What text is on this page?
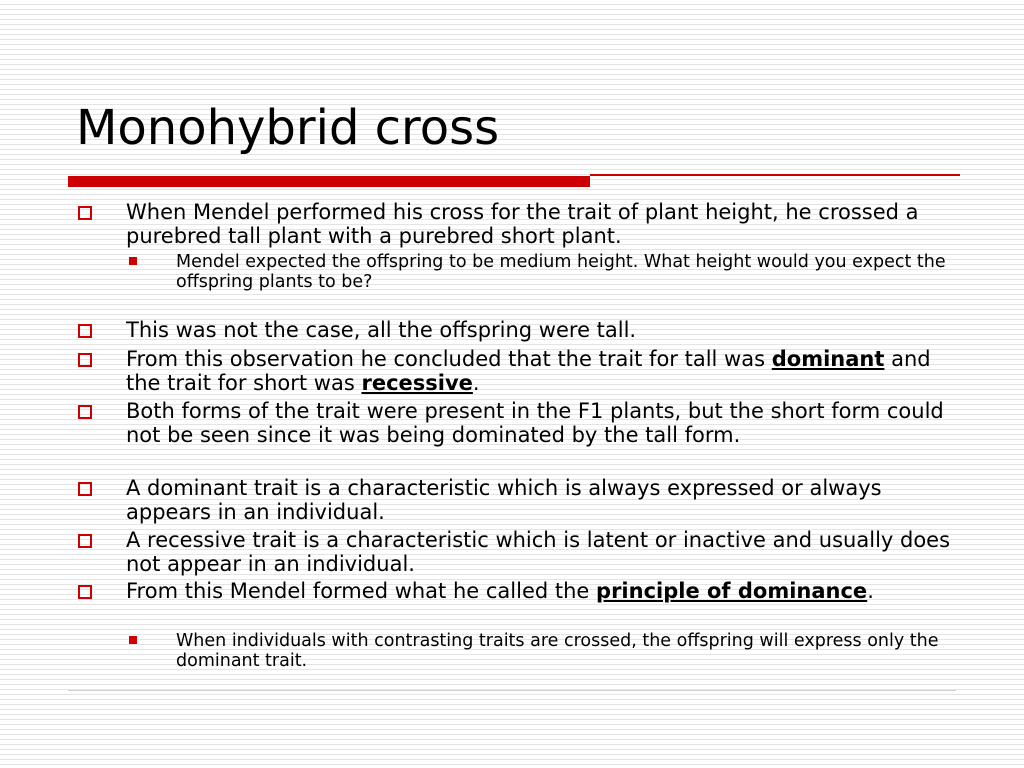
Monohybrid cross
When Mendel performed his cross for the trait of plant height, he crossed a purebred tall plant with a purebred short plant.
Mendel expected the offspring to be medium height. What height would you expect the offspring plants to be?
This was not the case, all the offspring were tall.
From this observation he concluded that the trait for tall was dominant and the trait for short was recessive.
Both forms of the trait were present in the F1 plants, but the short form could not be seen since it was being dominated by the tall form.
A dominant trait is a characteristic which is always expressed or always appears in an individual.
A recessive trait is a characteristic which is latent or inactive and usually does not appear in an individual.
From this Mendel formed what he called the principle of dominance.
When individuals with contrasting traits are crossed, the offspring will express only the dominant trait.
